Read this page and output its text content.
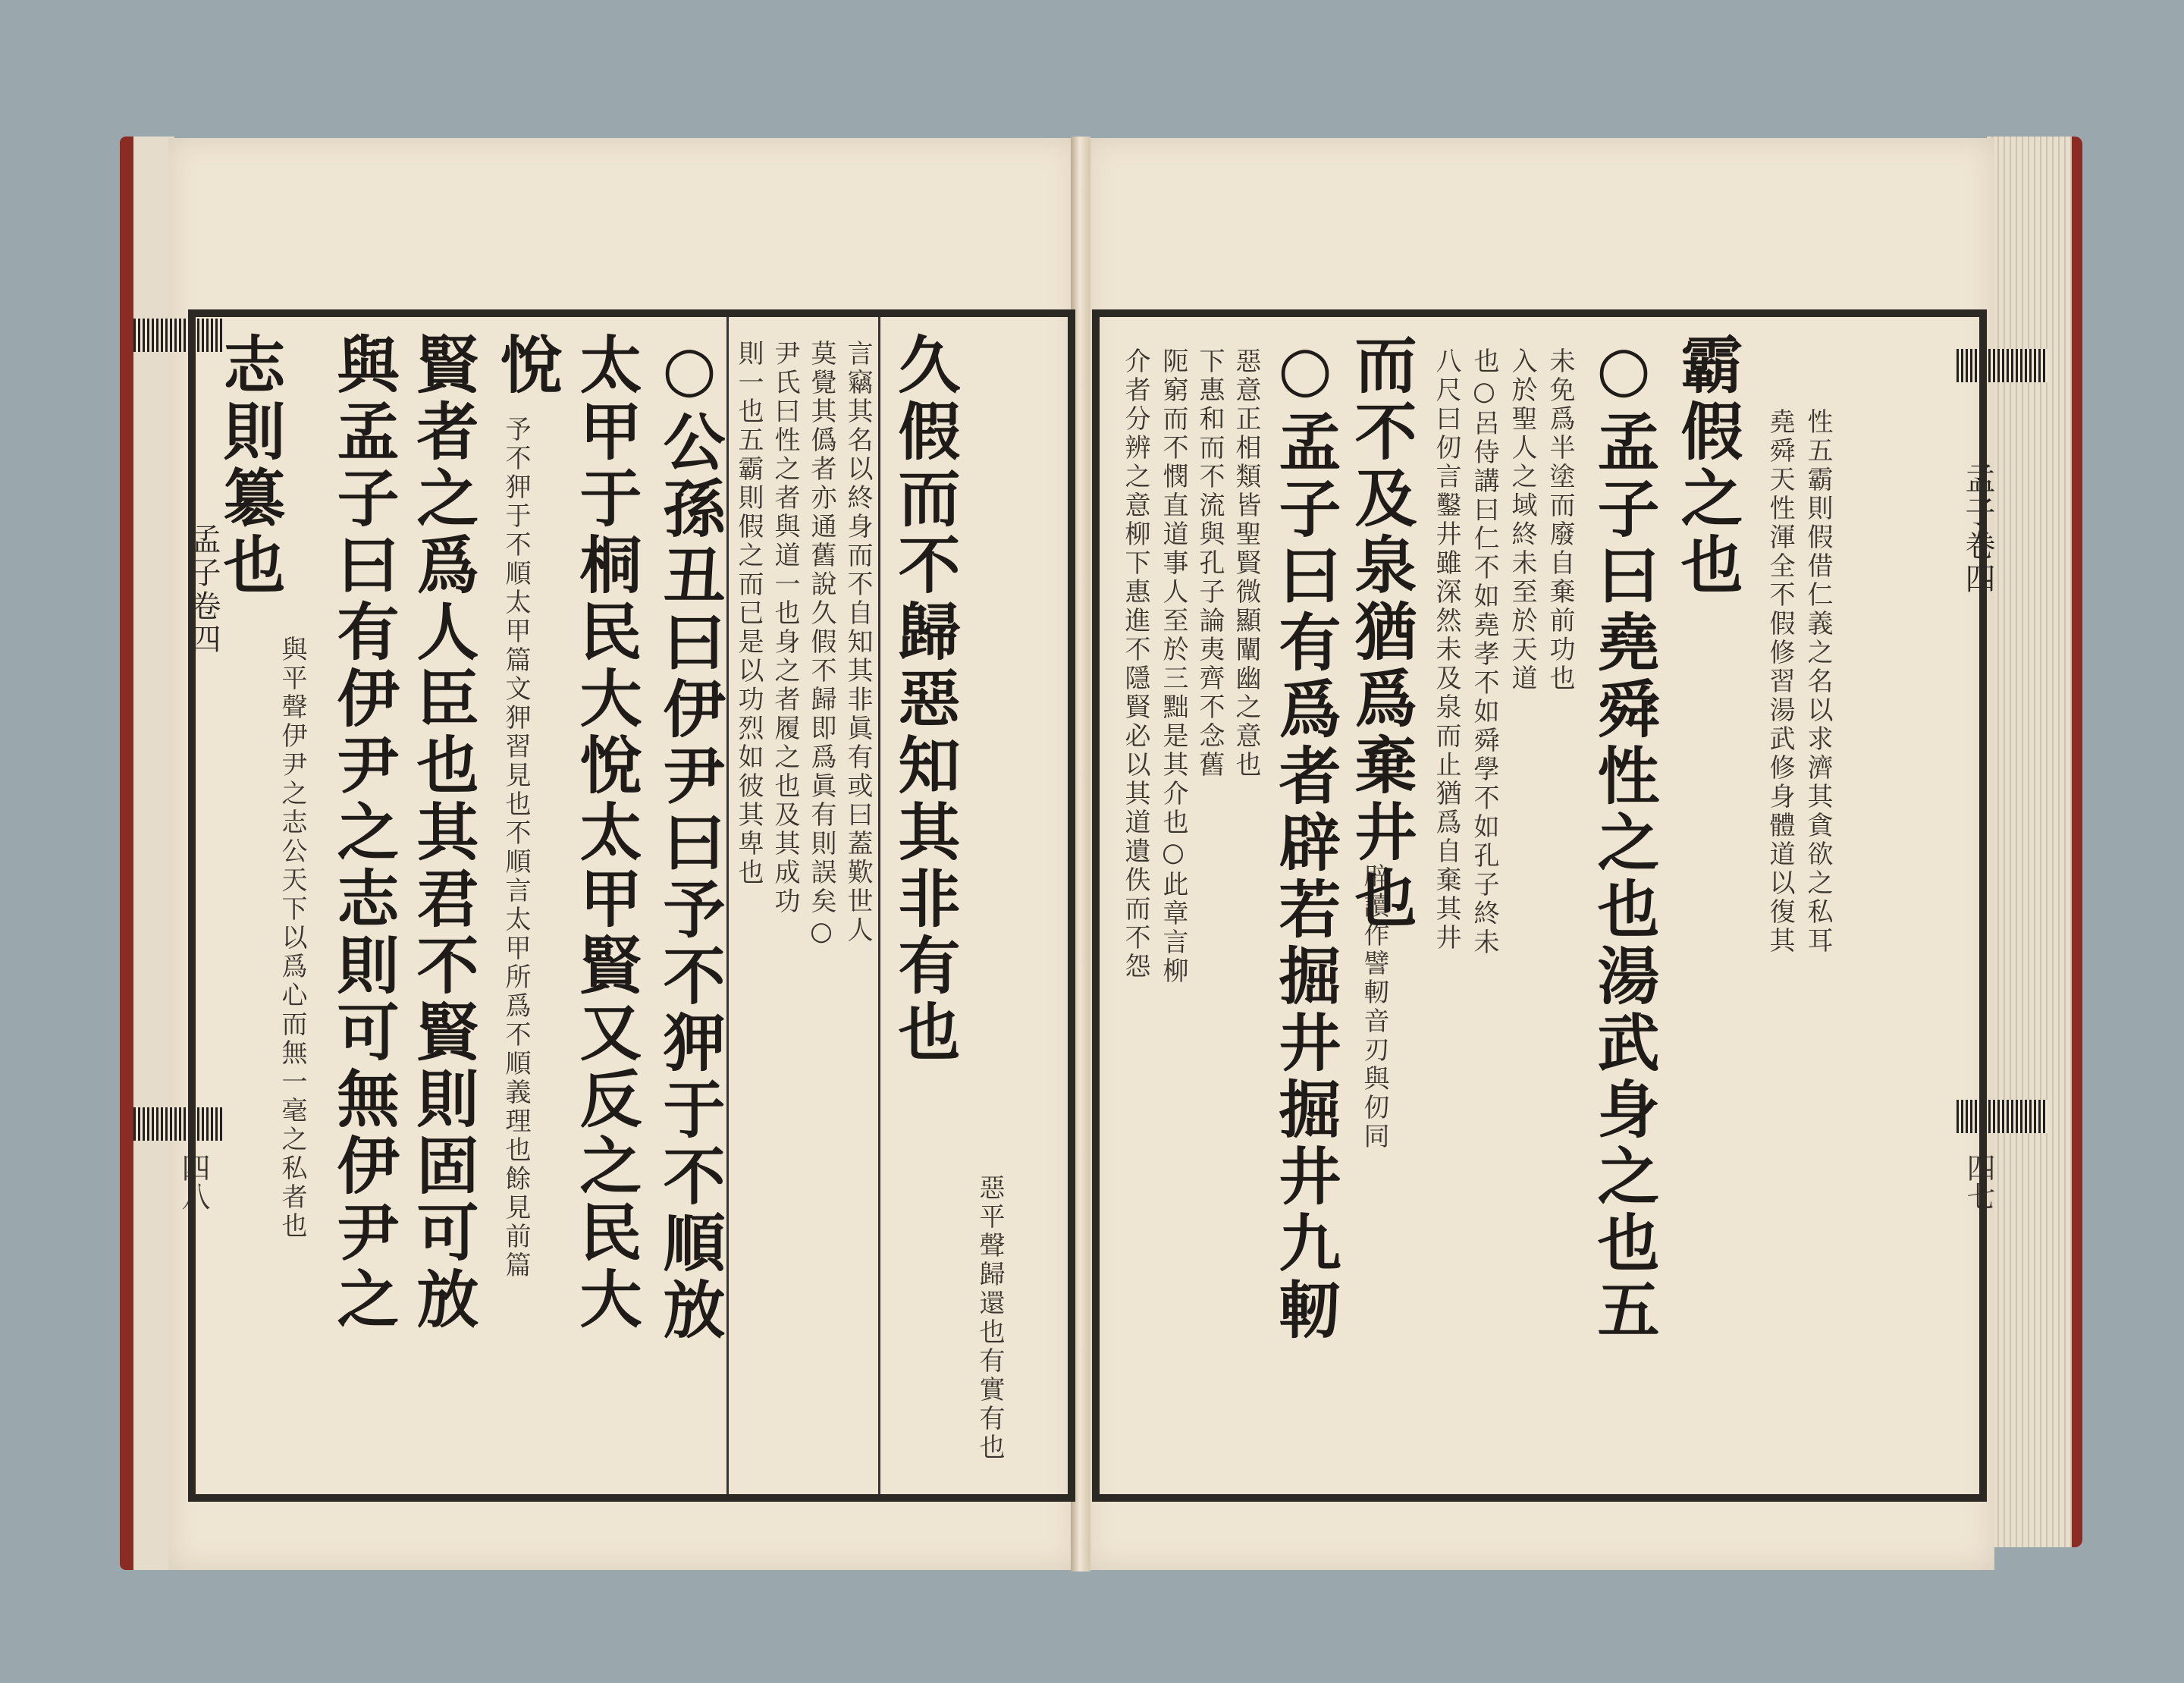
孟子卷四
四八
孟子卷四
四七
志則簒也
與平聲伊尹之志公天下以爲心而無一毫之私者也 與孟子曰有伊尹之志則可無伊尹之 賢者之爲人臣也其君不賢則固可放 悅
予不狎于不順太甲篇文狎習見也不順言太甲所爲不順義理也餘見前篇 太甲于桐民大悅太甲賢又反之民大 ○公孫丑曰伊尹曰予不狎于不順放 則一也五霸則假之而已是以功烈如彼其卑也 尹氏曰性之者與道一也身之者履之也及其成功 莫覺其僞者亦通舊說久假不歸即爲眞有則誤矣○ 言竊其名以終身而不自知其非眞有或曰蓋歎世人 久假而不歸惡知其非有也
惡平聲歸還也有實有也
介者分辨之意柳下惠進不隱賢必以其道遺佚而不怨 阨窮而不憫直道事人至於三黜是其介也○此章言柳 下惠和而不流與孔子論夷齊不念舊 惡意正相類皆聖賢微顯闡幽之意也 ○孟子曰有爲者辟若掘井掘井九軔 辟讀作譬軔音刃與仞同
而不及泉猶爲棄井也 八尺曰仞言鑿井雖深然未及泉而止猶爲自棄其井 也○呂侍講曰仁不如堯孝不如舜學不如孔子終未 入於聖人之域終未至於天道 未免爲半塗而廢自棄前功也 ○孟子曰堯舜性之也湯武身之也五 霸假之也 堯舜天性渾全不假修習湯武修身體道以復其 性五霸則假借仁義之名以求濟其貪欲之私耳
